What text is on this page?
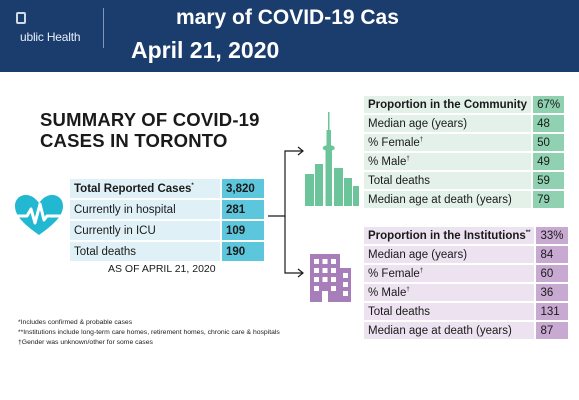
ublic Health
mary of COVID-19 Cas
April 21, 2020
SUMMARY OF COVID-19
CASES IN TORONTO
Total Reported Cases*	3,820
Currently in hospital	281
Currently in ICU	109
Total deaths	190
AS OF APRIL 21, 2020
Proportion in the Community	67%
Median age (years)	48
% Female†	50
% Male†	49
Total deaths	59
Median age at death (years)	79
Proportion in the Institutions**	33%
Median age (years)	84
% Female†	60
% Male†	36
Total deaths	131
Median age at death (years)	87
*Includes confirmed & probable cases
**Institutions include long-term care homes, retirement homes, chronic care & hospitals
†Gender was unknown/other for some cases
